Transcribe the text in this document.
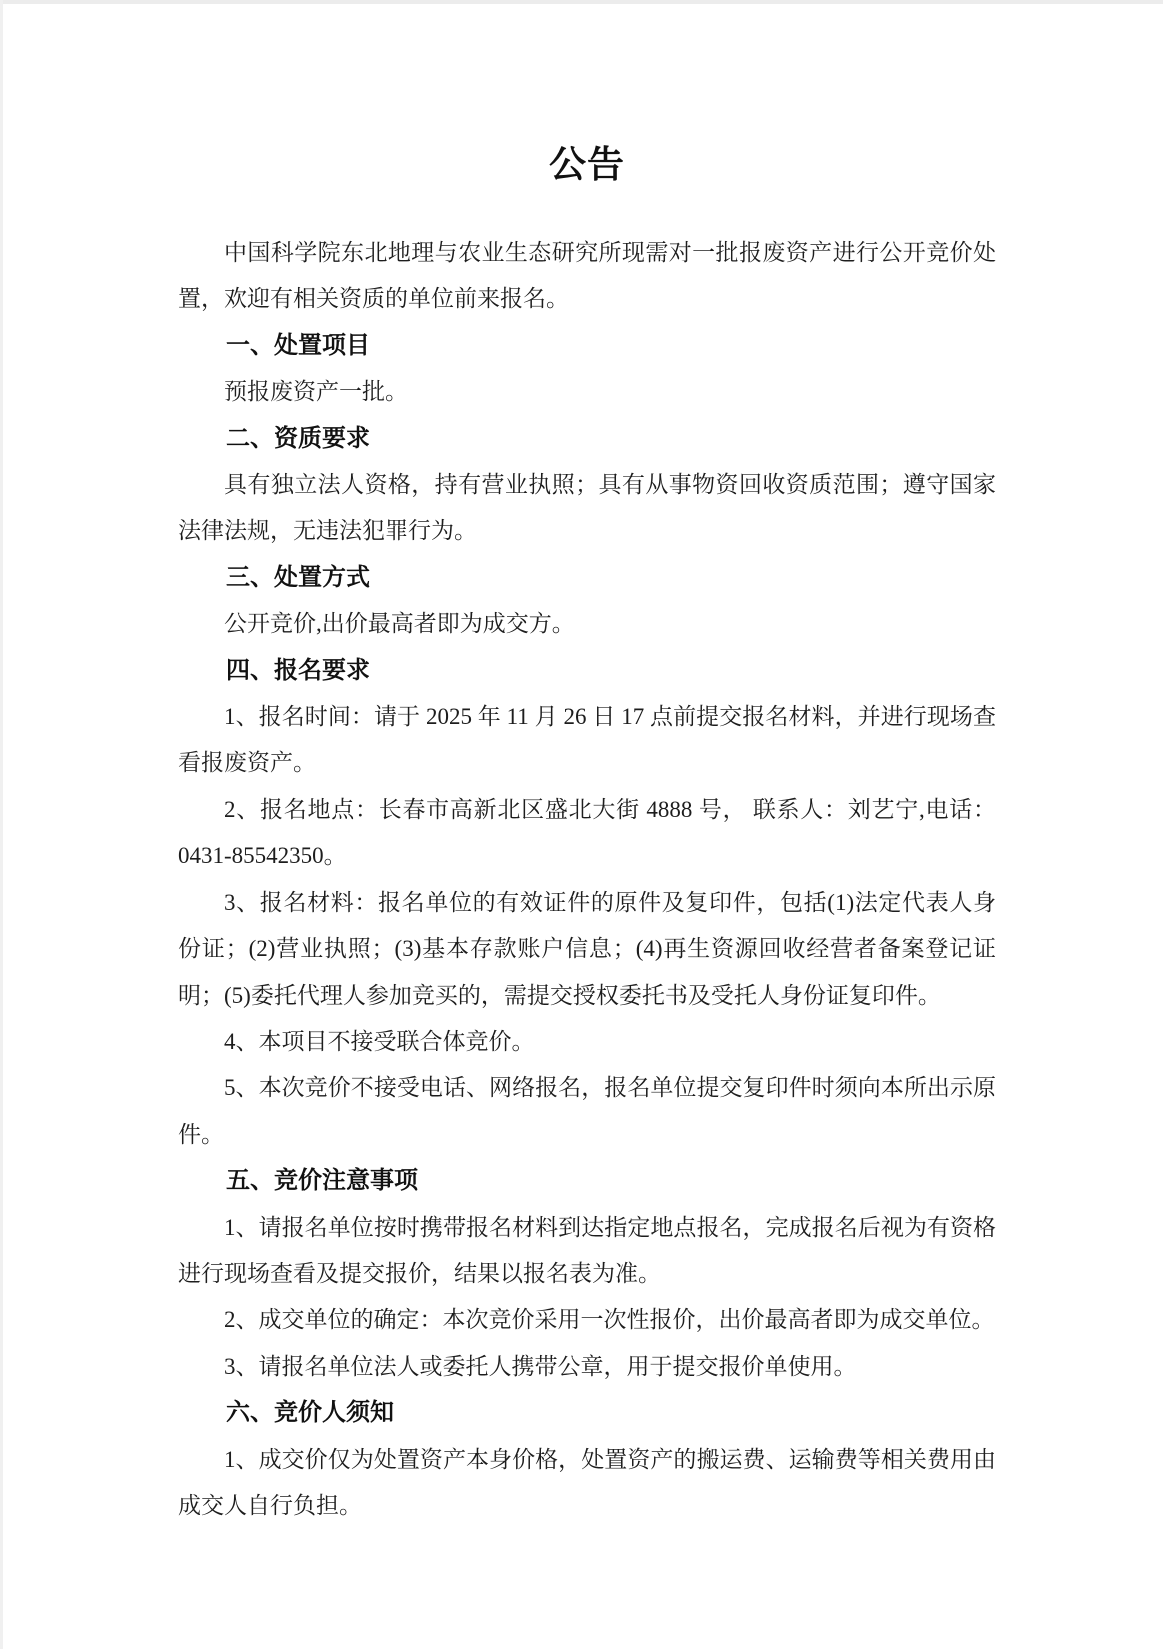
公告

中国科学院东北地理与农业生态研究所现需对一批报废资产进行公开竞价处置，欢迎有相关资质的单位前来报名。

一、处置项目

预报废资产一批。

二、资质要求

具有独立法人资格，持有营业执照；具有从事物资回收资质范围；遵守国家法律法规，无违法犯罪行为。

三、处置方式

公开竞价,出价最高者即为成交方。

四、报名要求

1、报名时间：请于 2025 年 11 月 26 日 17 点前提交报名材料，并进行现场查看报废资产。

2、报名地点：长春市高新北区盛北大街 4888 号， 联系人：刘艺宁,电话：0431-85542350。

3、报名材料：报名单位的有效证件的原件及复印件，包括(1)法定代表人身份证；(2)营业执照；(3)基本存款账户信息；(4)再生资源回收经营者备案登记证明；(5)委托代理人参加竞买的，需提交授权委托书及受托人身份证复印件。

4、本项目不接受联合体竞价。

5、本次竞价不接受电话、网络报名，报名单位提交复印件时须向本所出示原件。

五、竞价注意事项

1、请报名单位按时携带报名材料到达指定地点报名，完成报名后视为有资格进行现场查看及提交报价，结果以报名表为准。

2、成交单位的确定：本次竞价采用一次性报价，出价最高者即为成交单位。

3、请报名单位法人或委托人携带公章，用于提交报价单使用。

六、竞价人须知

1、成交价仅为处置资产本身价格，处置资产的搬运费、运输费等相关费用由成交人自行负担。
